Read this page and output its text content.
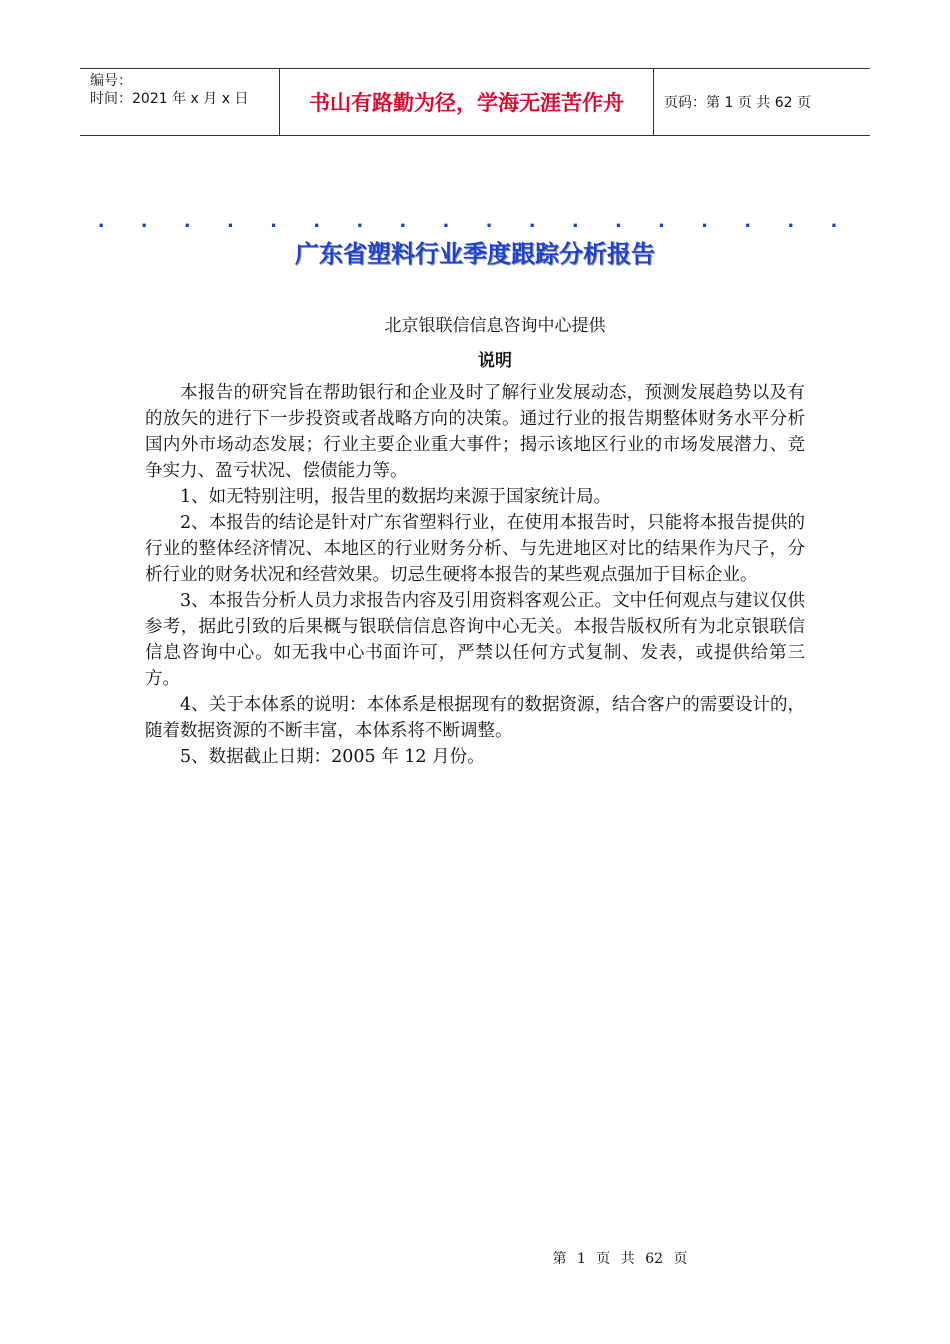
编号：
时间：2021 年 x 月 x 日	书山有路勤为径，学海无涯苦作舟	页码：第 1 页 共 62 页
. . . . . . . . . . . . . . . . . .
广东省塑料行业季度跟踪分析报告
北京银联信信息咨询中心提供
说明

本报告的研究旨在帮助银行和企业及时了解行业发展动态，预测发展趋势以及有的放矢的进行下一步投资或者战略方向的决策。通过行业的报告期整体财务水平分析国内外市场动态发展；行业主要企业重大事件；揭示该地区行业的市场发展潜力、竞争实力、盈亏状况、偿债能力等。

1、如无特别注明，报告里的数据均来源于国家统计局。

2、本报告的结论是针对广东省塑料行业，在使用本报告时，只能将本报告提供的行业的整体经济情况、本地区的行业财务分析、与先进地区对比的结果作为尺子，分析行业的财务状况和经营效果。切忌生硬将本报告的某些观点强加于目标企业。

3、本报告分析人员力求报告内容及引用资料客观公正。文中任何观点与建议仅供参考，据此引致的后果概与银联信信息咨询中心无关。本报告版权所有为北京银联信信息咨询中心。如无我中心书面许可，严禁以任何方式复制、发表，或提供给第三方。

4、关于本体系的说明：本体系是根据现有的数据资源，结合客户的需要设计的，随着数据资源的不断丰富，本体系将不断调整。

5、数据截止日期：2005 年 12 月份。

第 1 页 共 62 页
